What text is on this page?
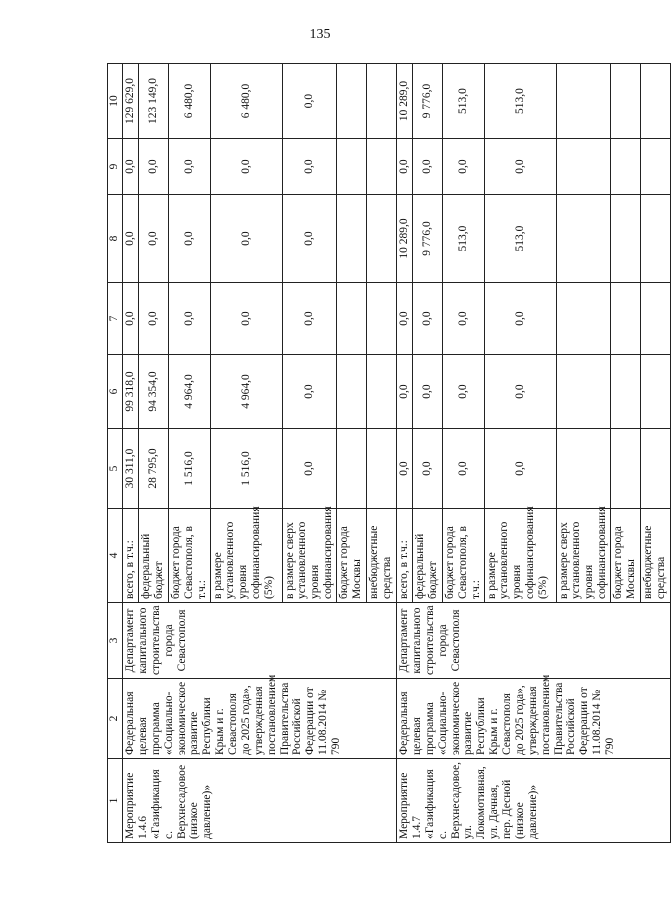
135
1	2	3	4	5	6	7	8	9	10
Мероприятие 1.4.6 «Газификация с. Верхнесадовое (низкое давление)»	Федеральная целевая программа «Социально-экономическое развитие Республики Крым и г. Севастополя до 2025 года», утвержденная постановлением Правительства Российской Федерации от 11.08.2014 № 790	Департамент капитального строительства города Севастополя	всего, в т.ч.:	30 311,0	99 318,0	0,0	0,0	0,0	129 629,0
			федеральный бюджет	28 795,0	94 354,0	0,0	0,0	0,0	123 149,0
			бюджет города Севастополя, в т.ч.:	1 516,0	4 964,0	0,0	0,0	0,0	6 480,0
			в размере установленного уровня софинансирования (5%)	1 516,0	4 964,0	0,0	0,0	0,0	6 480,0
			в размере сверх установленного уровня софинансирования	0,0	0,0	0,0	0,0	0,0	0,0
			бюджет города Москвы						
			внебюджетные средства						
Мероприятие 1.4.7 «Газификация с. Верхнесадовое, ул. Локомотивная, ул. Дачная, пер. Десной (низкое давление)»	Федеральная целевая программа «Социально-экономическое развитие Республики Крым и г. Севастополя до 2025 года», утвержденная постановлением Правительства Российской Федерации от 11.08.2014 № 790	Департамент капитального строительства города Севастополя	всего, в т.ч.:	0,0	0,0	0,0	10 289,0	0,0	10 289,0
			федеральный бюджет	0,0	0,0	0,0	9 776,0	0,0	9 776,0
			бюджет города Севастополя, в т.ч.:	0,0	0,0	0,0	513,0	0,0	513,0
			в размере установленного уровня софинансирования (5%)	0,0	0,0	0,0	513,0	0,0	513,0
			в размере сверх установленного уровня софинансирования						
			бюджет города Москвы						
			внебюджетные средства						
